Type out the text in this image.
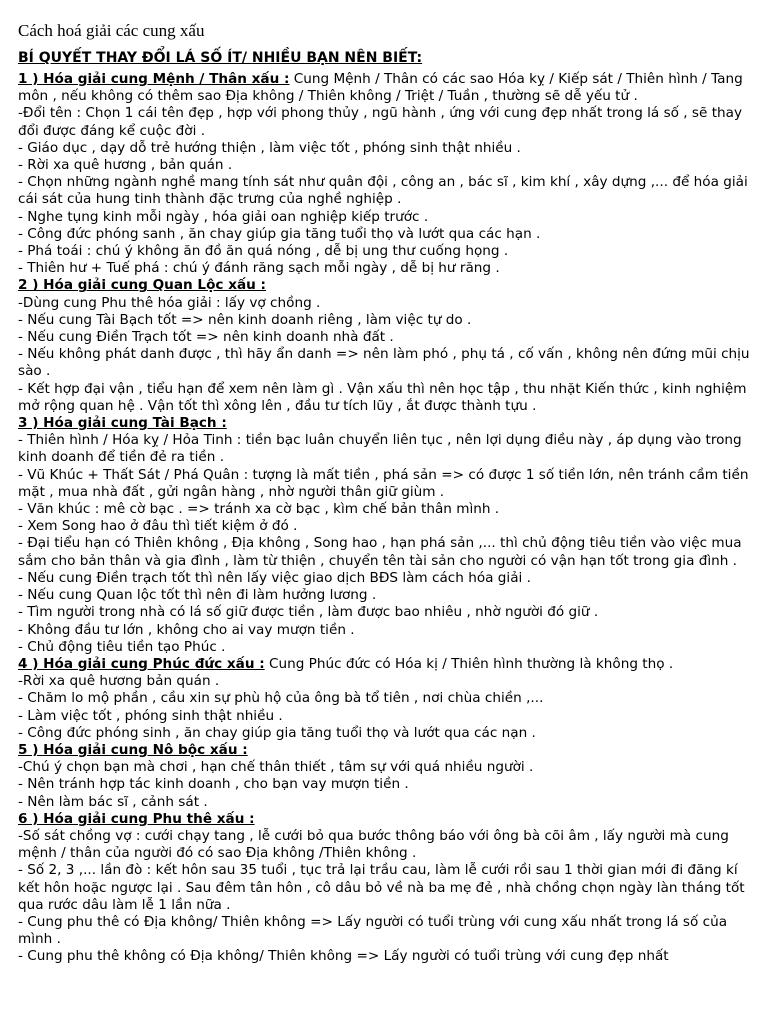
Cách hoá giải các cung xấu
BÍ QUYẾT THAY ĐỔI LÁ SỐ ÍT/ NHIỀU BẠN NÊN BIẾT:

1 ) Hóa giải cung Mệnh / Thân xấu : Cung Mệnh / Thân có các sao Hóa kỵ / Kiếp sát / Thiên hình / Tang môn , nếu không có thêm sao Địa không / Thiên không / Triệt / Tuần , thường sẽ dễ yếu tử .

-Đổi tên : Chọn 1 cái tên đẹp , hợp với phong thủy , ngũ hành , ứng với cung đẹp nhất trong lá số , sẽ thay đổi được đáng kể cuộc đời .

- Giáo dục , dạy dỗ trẻ hướng thiện , làm việc tốt , phóng sinh thật nhiều .

- Rời xa quê hương , bản quán .

- Chọn những ngành nghề mang tính sát như quân đội , công an , bác sĩ , kim khí , xây dựng ,... để hóa giải cái sát của hung tinh thành đặc trưng của nghề nghiệp .

- Nghe tụng kinh mỗi ngày , hóa giải oan nghiệp kiếp trước .

- Công đức phóng sanh , ăn chay giúp gia tăng tuổi thọ và lướt qua các hạn .

- Phá toái : chú ý không ăn đồ ăn quá nóng , dễ bị ung thư cuống họng .

- Thiên hư + Tuế phá : chú ý đánh răng sạch mỗi ngày , dễ bị hư răng .

2 ) Hóa giải cung Quan Lộc xấu :

-Dùng cung Phu thê hóa giải : lấy vợ chồng .

- Nếu cung Tài Bạch tốt => nên kinh doanh riêng , làm việc tự do .

- Nếu cung Điền Trạch tốt => nên kinh doanh nhà đất .

- Nếu không phát danh được , thì hãy ẩn danh => nên làm phó , phụ tá , cố vấn , không nên đứng mũi chịu sào .

- Kết hợp đại vận , tiểu hạn để xem nên làm gì . Vận xấu thì nên học tập , thu nhặt Kiến thức , kinh nghiệm mở rộng quan hệ . Vận tốt thì xông lên , đầu tư tích lũy , ắt được thành tựu .

3 ) Hóa giải cung Tài Bạch :

- Thiên hình / Hóa kỵ / Hỏa Tinh : tiền bạc luân chuyển liên tục , nên lợi dụng điều này , áp dụng vào trong kinh doanh để tiền đẻ ra tiền .

- Vũ Khúc + Thất Sát / Phá Quân : tượng là mất tiền , phá sản => có được 1 số tiền lớn, nên tránh cầm tiền mặt , mua nhà đất , gửi ngân hàng , nhờ người thân giữ giùm .

- Văn khúc : mê cờ bạc . => tránh xa cờ bạc , kìm chế bản thân mình .

- Xem Song hao ở đâu thì tiết kiệm ở đó .

- Đại tiểu hạn có Thiên không , Địa không , Song hao , hạn phá sản ,... thì chủ động tiêu tiền vào việc mua sắm cho bản thân và gia đình , làm từ thiện , chuyển tên tài sản cho người có vận hạn tốt trong gia đình .

- Nếu cung Điền trạch tốt thì nên lấy việc giao dịch BĐS làm cách hóa giải .

- Nếu cung Quan lộc tốt thì nên đi làm hưởng lương .

- Tìm người trong nhà có lá số giữ được tiền , làm được bao nhiêu , nhờ người đó giữ .

- Không đầu tư lớn , không cho ai vay mượn tiền .

- Chủ động tiêu tiền tạo Phúc .

4 ) Hóa giải cung Phúc đức xấu : Cung Phúc đức có Hóa kị / Thiên hình thường là không thọ .

-Rời xa quê hương bản quán .

- Chăm lo mộ phần , cầu xin sự phù hộ của ông bà tổ tiên , nơi chùa chiền ,...

- Làm việc tốt , phóng sinh thật nhiều .

- Công đức phóng sinh , ăn chay giúp gia tăng tuổi thọ và lướt qua các nạn .

5 ) Hóa giải cung Nô bộc xấu :

-Chú ý chọn bạn mà chơi , hạn chế thân thiết , tâm sự với quá nhiều người .

- Nên tránh hợp tác kinh doanh , cho bạn vay mượn tiền .

- Nên làm bác sĩ , cảnh sát .

6 ) Hóa giải cung Phu thê xấu :

-Số sát chồng vợ : cưới chạy tang , lễ cưới bỏ qua bước thông báo với ông bà cõi âm , lấy người mà cung mệnh / thân của người đó có sao Địa không /Thiên không .

- Số 2, 3 ,... lần đò : kết hôn sau 35 tuổi , tục trả lại trầu cau, làm lễ cưới rồi sau 1 thời gian mới đi đăng kí kết hôn hoặc ngược lại . Sau đêm tân hôn , cô dâu bỏ về nà ba mẹ đẻ , nhà chồng chọn ngày làn tháng tốt qua rước dâu làm lễ 1 lần nữa .

- Cung phu thê có Địa không/ Thiên không => Lấy người có tuổi trùng với cung xấu nhất trong lá số của mình .

- Cung phu thê không có Địa không/ Thiên không => Lấy người có tuổi trùng với cung đẹp nhất
